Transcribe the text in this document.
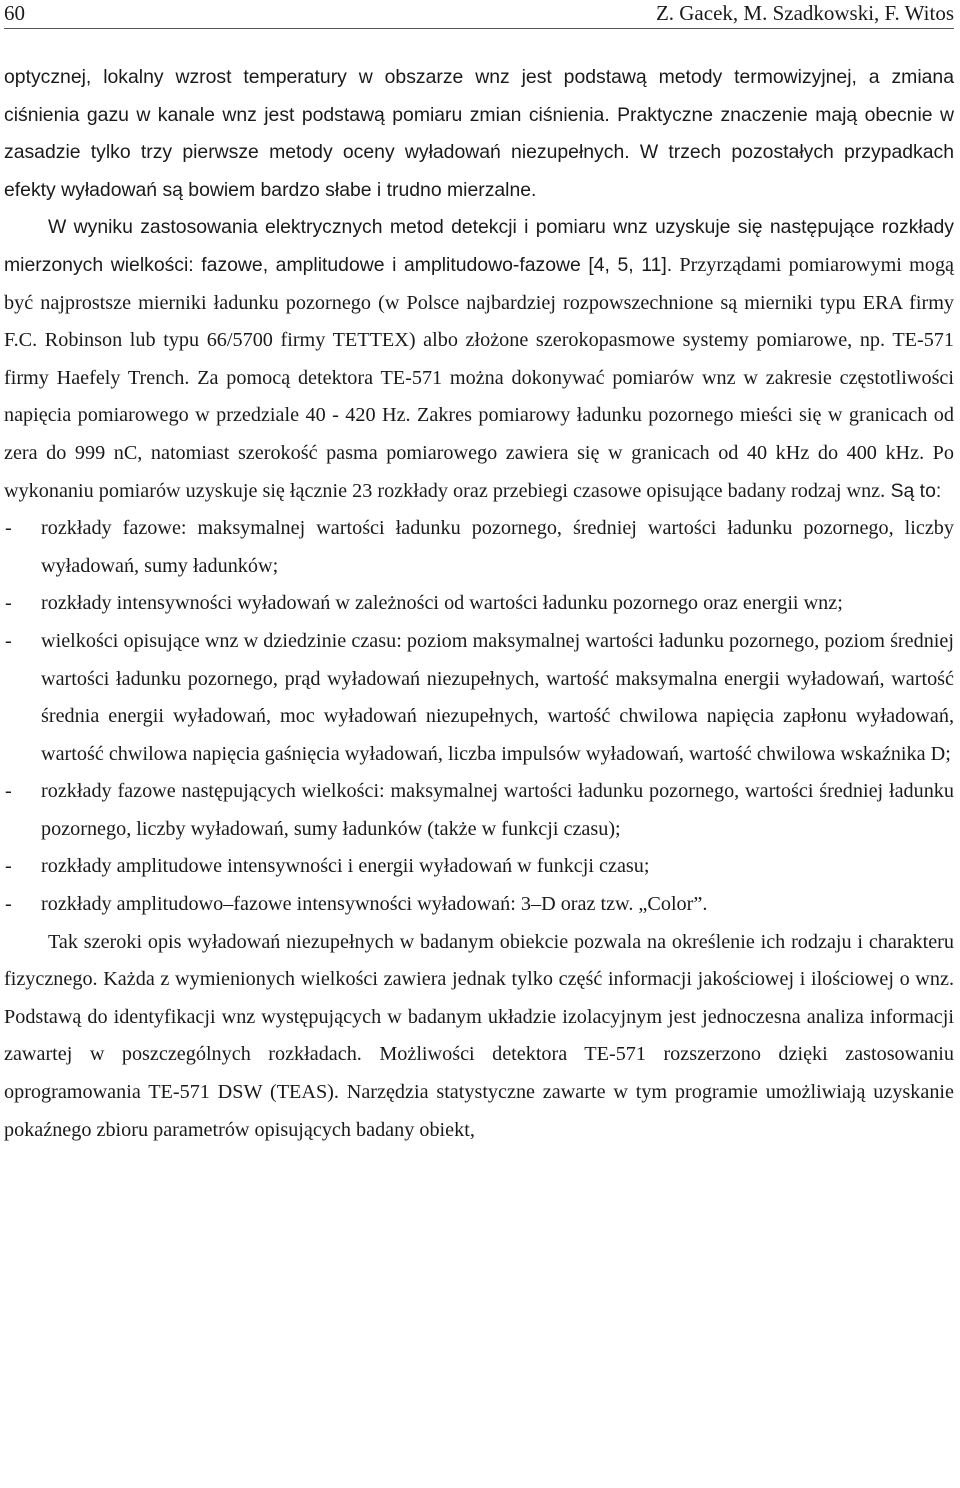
60	Z. Gacek, M. Szadkowski, F. Witos

optycznej, lokalny wzrost temperatury w obszarze wnz jest podstawą metody termowizyjnej, a zmiana ciśnienia gazu w kanale wnz jest podstawą pomiaru zmian ciśnienia. Praktyczne znaczenie mają obecnie w zasadzie tylko trzy pierwsze metody oceny wyładowań niezupełnych. W trzech pozostałych przypadkach efekty wyładowań są bowiem bardzo słabe i trudno mierzalne.

W wyniku zastosowania elektrycznych metod detekcji i pomiaru wnz uzyskuje się następujące rozkłady mierzonych wielkości: fazowe, amplitudowe i amplitudowo-fazowe [4, 5, 11]. Przyrządami pomiarowymi mogą być najprostsze mierniki ładunku pozornego (w Polsce najbardziej rozpowszechnione są mierniki typu ERA firmy F.C. Robinson lub typu 66/5700 firmy TETTEX) albo złożone szerokopasmowe systemy pomiarowe, np. TE-571 firmy Haefely Trench. Za pomocą detektora TE-571 można dokonywać pomiarów wnz w zakresie częstotliwości napięcia pomiarowego w przedziale 40 - 420 Hz. Zakres pomiarowy ładunku pozornego mieści się w granicach od zera do 999 nC, natomiast szerokość pasma pomiarowego zawiera się w granicach od 40 kHz do 400 kHz. Po wykonaniu pomiarów uzyskuje się łącznie 23 rozkłady oraz przebiegi czasowe opisujące badany rodzaj wnz. Są to:

- rozkłady fazowe: maksymalnej wartości ładunku pozornego, średniej wartości ładunku pozornego, liczby wyładowań, sumy ładunków;
- rozkłady intensywności wyładowań w zależności od wartości ładunku pozornego oraz energii wnz;
- wielkości opisujące wnz w dziedzinie czasu: poziom maksymalnej wartości ładunku pozornego, poziom średniej wartości ładunku pozornego, prąd wyładowań niezupełnych, wartość maksymalna energii wyładowań, wartość średnia energii wyładowań, moc wyładowań niezupełnych, wartość chwilowa napięcia zapłonu wyładowań, wartość chwilowa napięcia gaśnięcia wyładowań, liczba impulsów wyładowań, wartość chwilowa wskaźnika D;
- rozkłady fazowe następujących wielkości: maksymalnej wartości ładunku pozornego, wartości średniej ładunku pozornego, liczby wyładowań, sumy ładunków (także w funkcji czasu);
- rozkłady amplitudowe intensywności i energii wyładowań w funkcji czasu;
- rozkłady amplitudowo–fazowe intensywności wyładowań: 3–D oraz tzw. „Color”.

Tak szeroki opis wyładowań niezupełnych w badanym obiekcie pozwala na określenie ich rodzaju i charakteru fizycznego. Każda z wymienionych wielkości zawiera jednak tylko część informacji jakościowej i ilościowej o wnz. Podstawą do identyfikacji wnz występujących w badanym układzie izolacyjnym jest jednoczesna analiza informacji zawartej w poszczególnych rozkładach. Możliwości detektora TE-571 rozszerzono dzięki zastosowaniu oprogramowania TE-571 DSW (TEAS). Narzędzia statystyczne zawarte w tym programie umożliwiają uzyskanie pokaźnego zbioru parametrów opisujących badany obiekt,
